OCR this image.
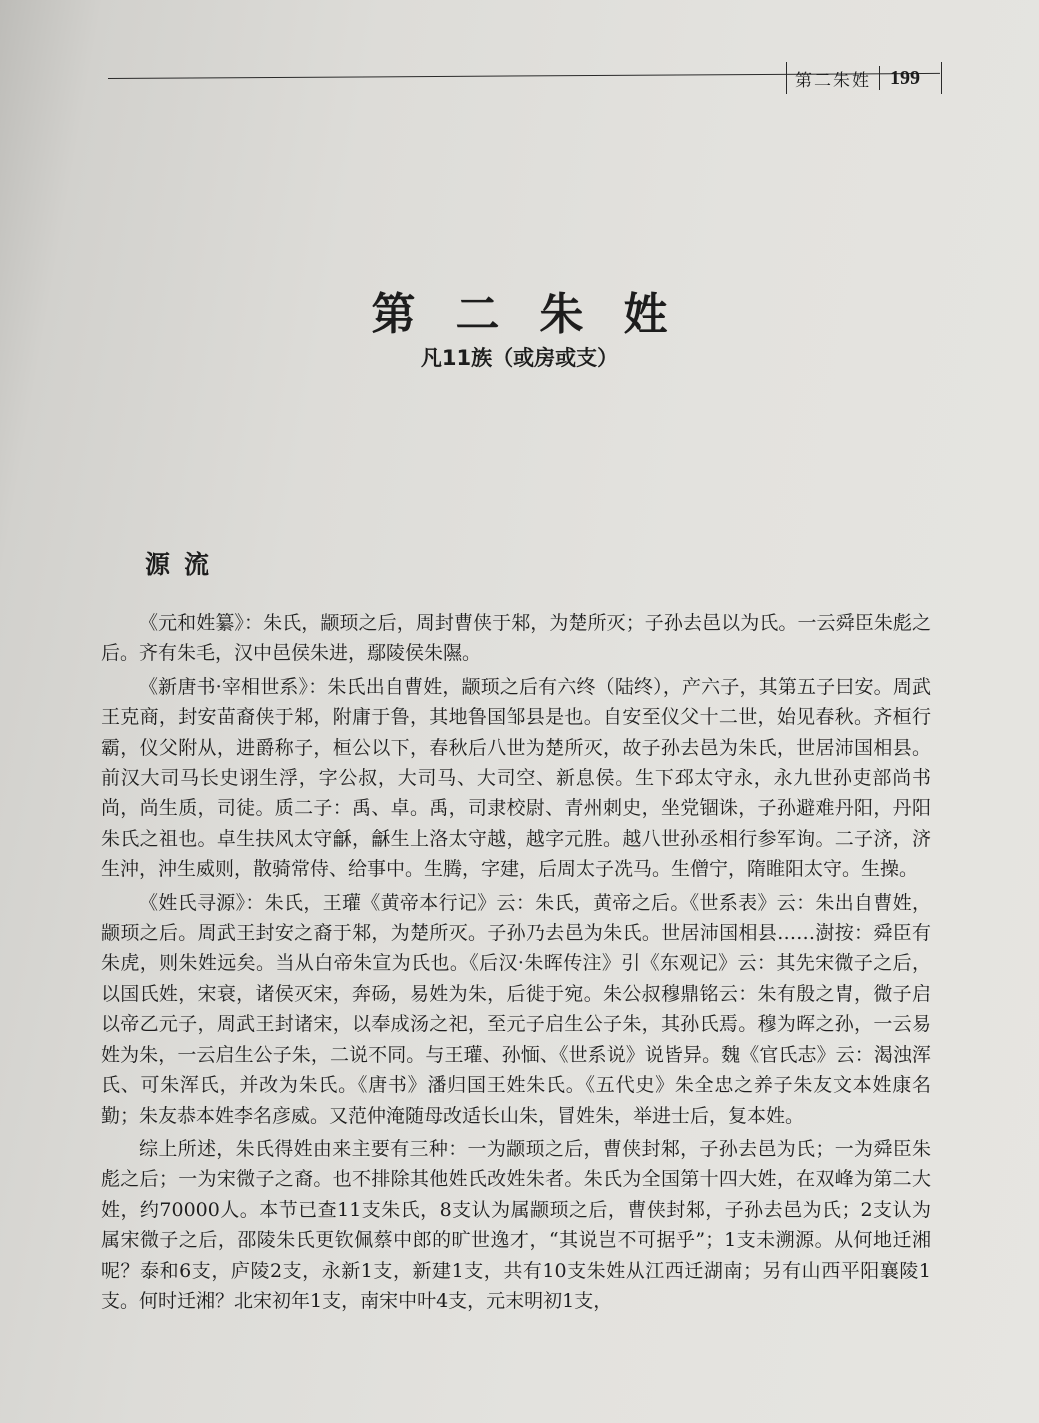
第二朱姓 199
第二朱姓
凡11族（或房或支）
源流

《元和姓纂》：朱氏，颛顼之后，周封曹侠于邾，为楚所灭；子孙去邑以为氏。一云舜臣朱彪之后。齐有朱毛，汉中邑侯朱进，鄢陵侯朱隰。

《新唐书·宰相世系》：朱氏出自曹姓，颛顼之后有六终（陆终），产六子，其第五子曰安。周武王克商，封安苗裔侠于邾，附庸于鲁，其地鲁国邹县是也。自安至仪父十二世，始见春秋。齐桓行霸，仪父附从，进爵称子，桓公以下，春秋后八世为楚所灭，故子孙去邑为朱氏，世居沛国相县。前汉大司马长史诩生浮，字公叔，大司马、大司空、新息侯。生下邳太守永，永九世孙吏部尚书尚，尚生质，司徒。质二子：禹、卓。禹，司隶校尉、青州刺史，坐党锢诛，子孙避难丹阳，丹阳朱氏之祖也。卓生扶风太守龢，龢生上洛太守越，越字元胜。越八世孙丞相行参军询。二子济，济生沖，沖生威则，散骑常侍、给事中。生腾，字建，后周太子冼马。生僧宁，隋睢阳太守。生操。

《姓氏寻源》：朱氏，王瓘《黄帝本行记》云：朱氏，黄帝之后。《世系表》云：朱出自曹姓，颛顼之后。周武王封安之裔于邾，为楚所灭。子孙乃去邑为朱氏。世居沛国相县……澍按：舜臣有朱虎，则朱姓远矣。当从白帝朱宣为氏也。《后汉·朱晖传注》引《东观记》云：其先宋微子之后，以国氏姓，宋衰，诸侯灭宋，奔砀，易姓为朱，后徙于宛。朱公叔穆鼎铭云：朱有殷之胄，微子启以帝乙元子，周武王封诸宋，以奉成汤之祀，至元子启生公子朱，其孙氏焉。穆为晖之孙，一云易姓为朱，一云启生公子朱，二说不同。与王瓘、孙愐、《世系说》说皆异。魏《官氏志》云：渴浊浑氏、可朱浑氏，并改为朱氏。《唐书》潘归国王姓朱氏。《五代史》朱全忠之养子朱友文本姓康名勤；朱友恭本姓李名彦威。又范仲淹随母改适长山朱，冒姓朱，举进士后，复本姓。

综上所述，朱氏得姓由来主要有三种：一为颛顼之后，曹侠封邾，子孙去邑为氏；一为舜臣朱彪之后；一为宋微子之裔。也不排除其他姓氏改姓朱者。朱氏为全国第十四大姓，在双峰为第二大姓，约70000人。本节已查11支朱氏，8支认为属颛顼之后，曹侠封邾，子孙去邑为氏；2支认为属宋微子之后，邵陵朱氏更钦佩蔡中郎的旷世逸才，“其说岂不可据乎”；1支未溯源。从何地迁湘呢？泰和6支，庐陵2支，永新1支，新建1支，共有10支朱姓从江西迁湖南；另有山西平阳襄陵1支。何时迁湘？北宋初年1支，南宋中叶4支，元末明初1支，
